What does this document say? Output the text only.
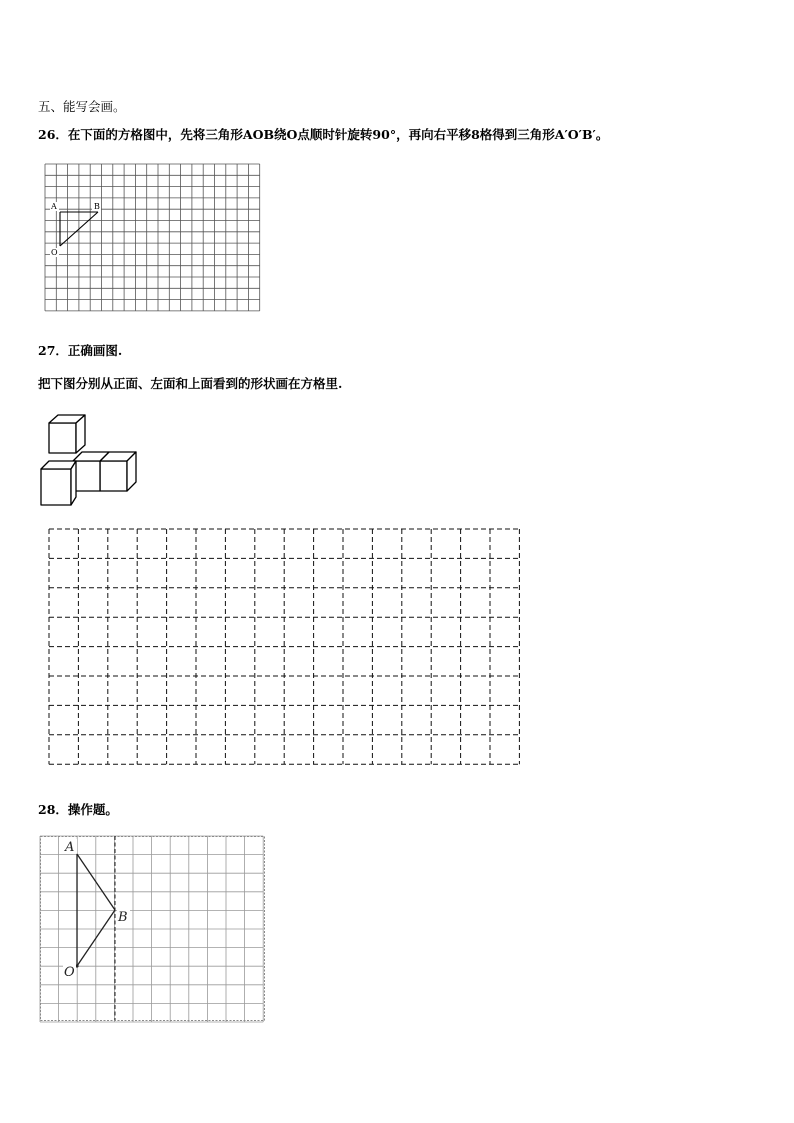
五、能写会画。
26．在下面的方格图中，先将三角形AOB绕O点顺时针旋转90°，再向右平移8格得到三角形A′O′B′。
A	B
O
27．正确画图.
把下图分别从正面、左面和上面看到的形状画在方格里.
28．操作题。
A
B
O
